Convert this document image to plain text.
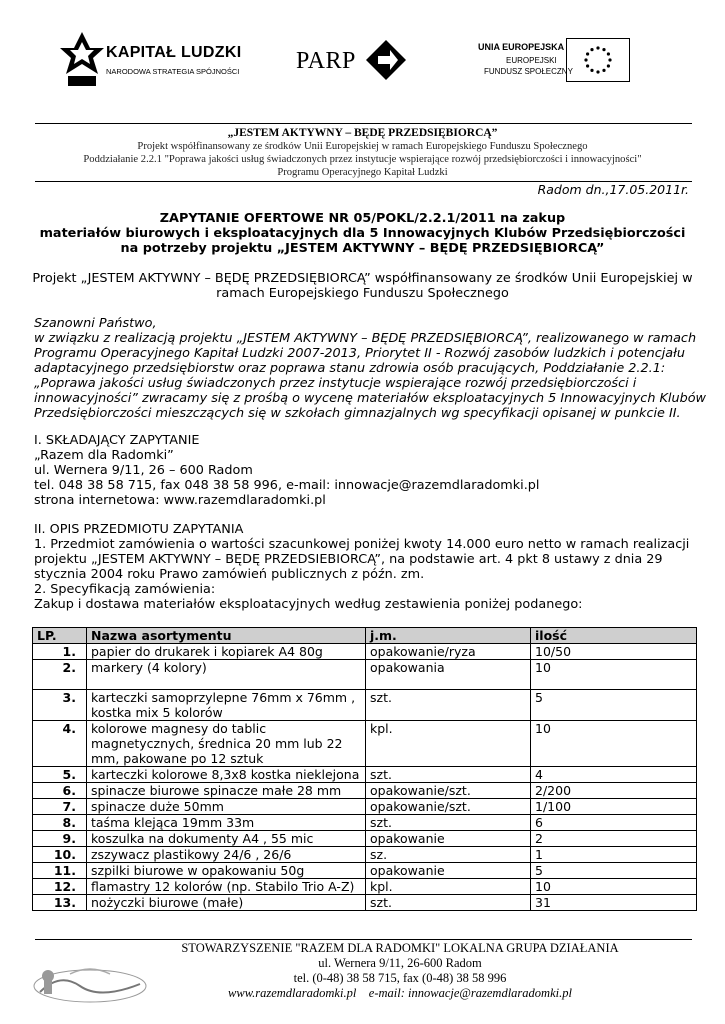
KAPITAŁ LUDZKI
NARODOWA STRATEGIA SPÓJNOŚCI PARP
UNIA EUROPEJSKA
EUROPEJSKI
FUNDUSZ SPOŁECZNY
„JESTEM AKTYWNY – BĘDĘ PRZEDSIĘBIORCĄ”
Projekt współfinansowany ze środków Unii Europejskiej w ramach Europejskiego Funduszu Społecznego
Poddziałanie 2.2.1 "Poprawa jakości usług świadczonych przez instytucje wspierające rozwój przedsiębiorczości i innowacyjności"
Programu Operacyjnego Kapitał Ludzki
Radom dn.,17.05.2011r.
ZAPYTANIE OFERTOWE NR 05/POKL/2.2.1/2011 na zakup
materiałów biurowych i eksploatacyjnych dla 5 Innowacyjnych Klubów Przedsiębiorczości
na potrzeby projektu „JESTEM AKTYWNY – BĘDĘ PRZEDSIĘBIORCĄ”
Projekt „JESTEM AKTYWNY – BĘDĘ PRZEDSIĘBIORCĄ” współfinansowany ze środków Unii Europejskiej w
ramach Europejskiego Funduszu Społecznego
Szanowni Państwo,
w związku z realizacją projektu „JESTEM AKTYWNY – BĘDĘ PRZEDSIĘBIORCĄ”, realizowanego w ramach
Programu Operacyjnego Kapitał Ludzki 2007-2013, Priorytet II - Rozwój zasobów ludzkich i potencjału
adaptacyjnego przedsiębiorstw oraz poprawa stanu zdrowia osób pracujących, Poddziałanie 2.2.1:
„Poprawa jakości usług świadczonych przez instytucje wspierające rozwój przedsiębiorczości i
innowacyjności” zwracamy się z prośbą o wycenę materiałów eksploatacyjnych 5 Innowacyjnych Klubów
Przedsiębiorczości mieszczących się w szkołach gimnazjalnych wg specyfikacji opisanej w punkcie II.
I. SKŁADAJĄCY ZAPYTANIE
„Razem dla Radomki”
ul. Wernera 9/11, 26 – 600 Radom
tel. 048 38 58 715, fax 048 38 58 996, e-mail: innowacje@razemdlaradomki.pl
strona internetowa: www.razemdlaradomki.pl
II. OPIS PRZEDMIOTU ZAPYTANIA
1. Przedmiot zamówienia o wartości szacunkowej poniżej kwoty 14.000 euro netto w ramach realizacji
projektu „JESTEM AKTYWNY – BĘDĘ PRZEDSIEBIORCĄ”, na podstawie art. 4 pkt 8 ustawy z dnia 29
stycznia 2004 roku Prawo zamówień publicznych z późn. zm.
2. Specyfikacją zamówienia:
Zakup i dostawa materiałów eksploatacyjnych według zestawienia poniżej podanego:
LP.	Nazwa asortymentu	j.m.	ilość
1.	papier do drukarek i kopiarek A4 80g	opakowanie/ryza	10/50
2.	markery (4 kolory)	opakowania	10
3.	karteczki samoprzylepne 76mm x 76mm , kostka mix 5 kolorów	szt.	5
4.	kolorowe magnesy do tablic magnetycznych, średnica 20 mm lub 22 mm, pakowane po 12 sztuk	kpl.	10
5.	karteczki kolorowe 8,3x8 kostka nieklejona	szt.	4
6.	spinacze biurowe spinacze małe 28 mm	opakowanie/szt.	2/200
7.	spinacze duże 50mm	opakowanie/szt.	1/100
8.	taśma klejąca 19mm 33m	szt.	6
9.	koszulka na dokumenty A4 , 55 mic	opakowanie	2
10.	zszywacz plastikowy 24/6 , 26/6	sz.	1
11.	szpilki biurowe w opakowaniu 50g	opakowanie	5
12.	flamastry 12 kolorów (np. Stabilo Trio A-Z)	kpl.	10
13.	nożyczki biurowe (małe)	szt.	31
STOWARZYSZENIE "RAZEM DLA RADOMKI" LOKALNA GRUPA DZIAŁANIA
ul. Wernera 9/11, 26-600 Radom
tel. (0-48) 38 58 715, fax (0-48) 38 58 996
www.razemdlaradomki.pl e-mail: innowacje@razemdlaradomki.pl
